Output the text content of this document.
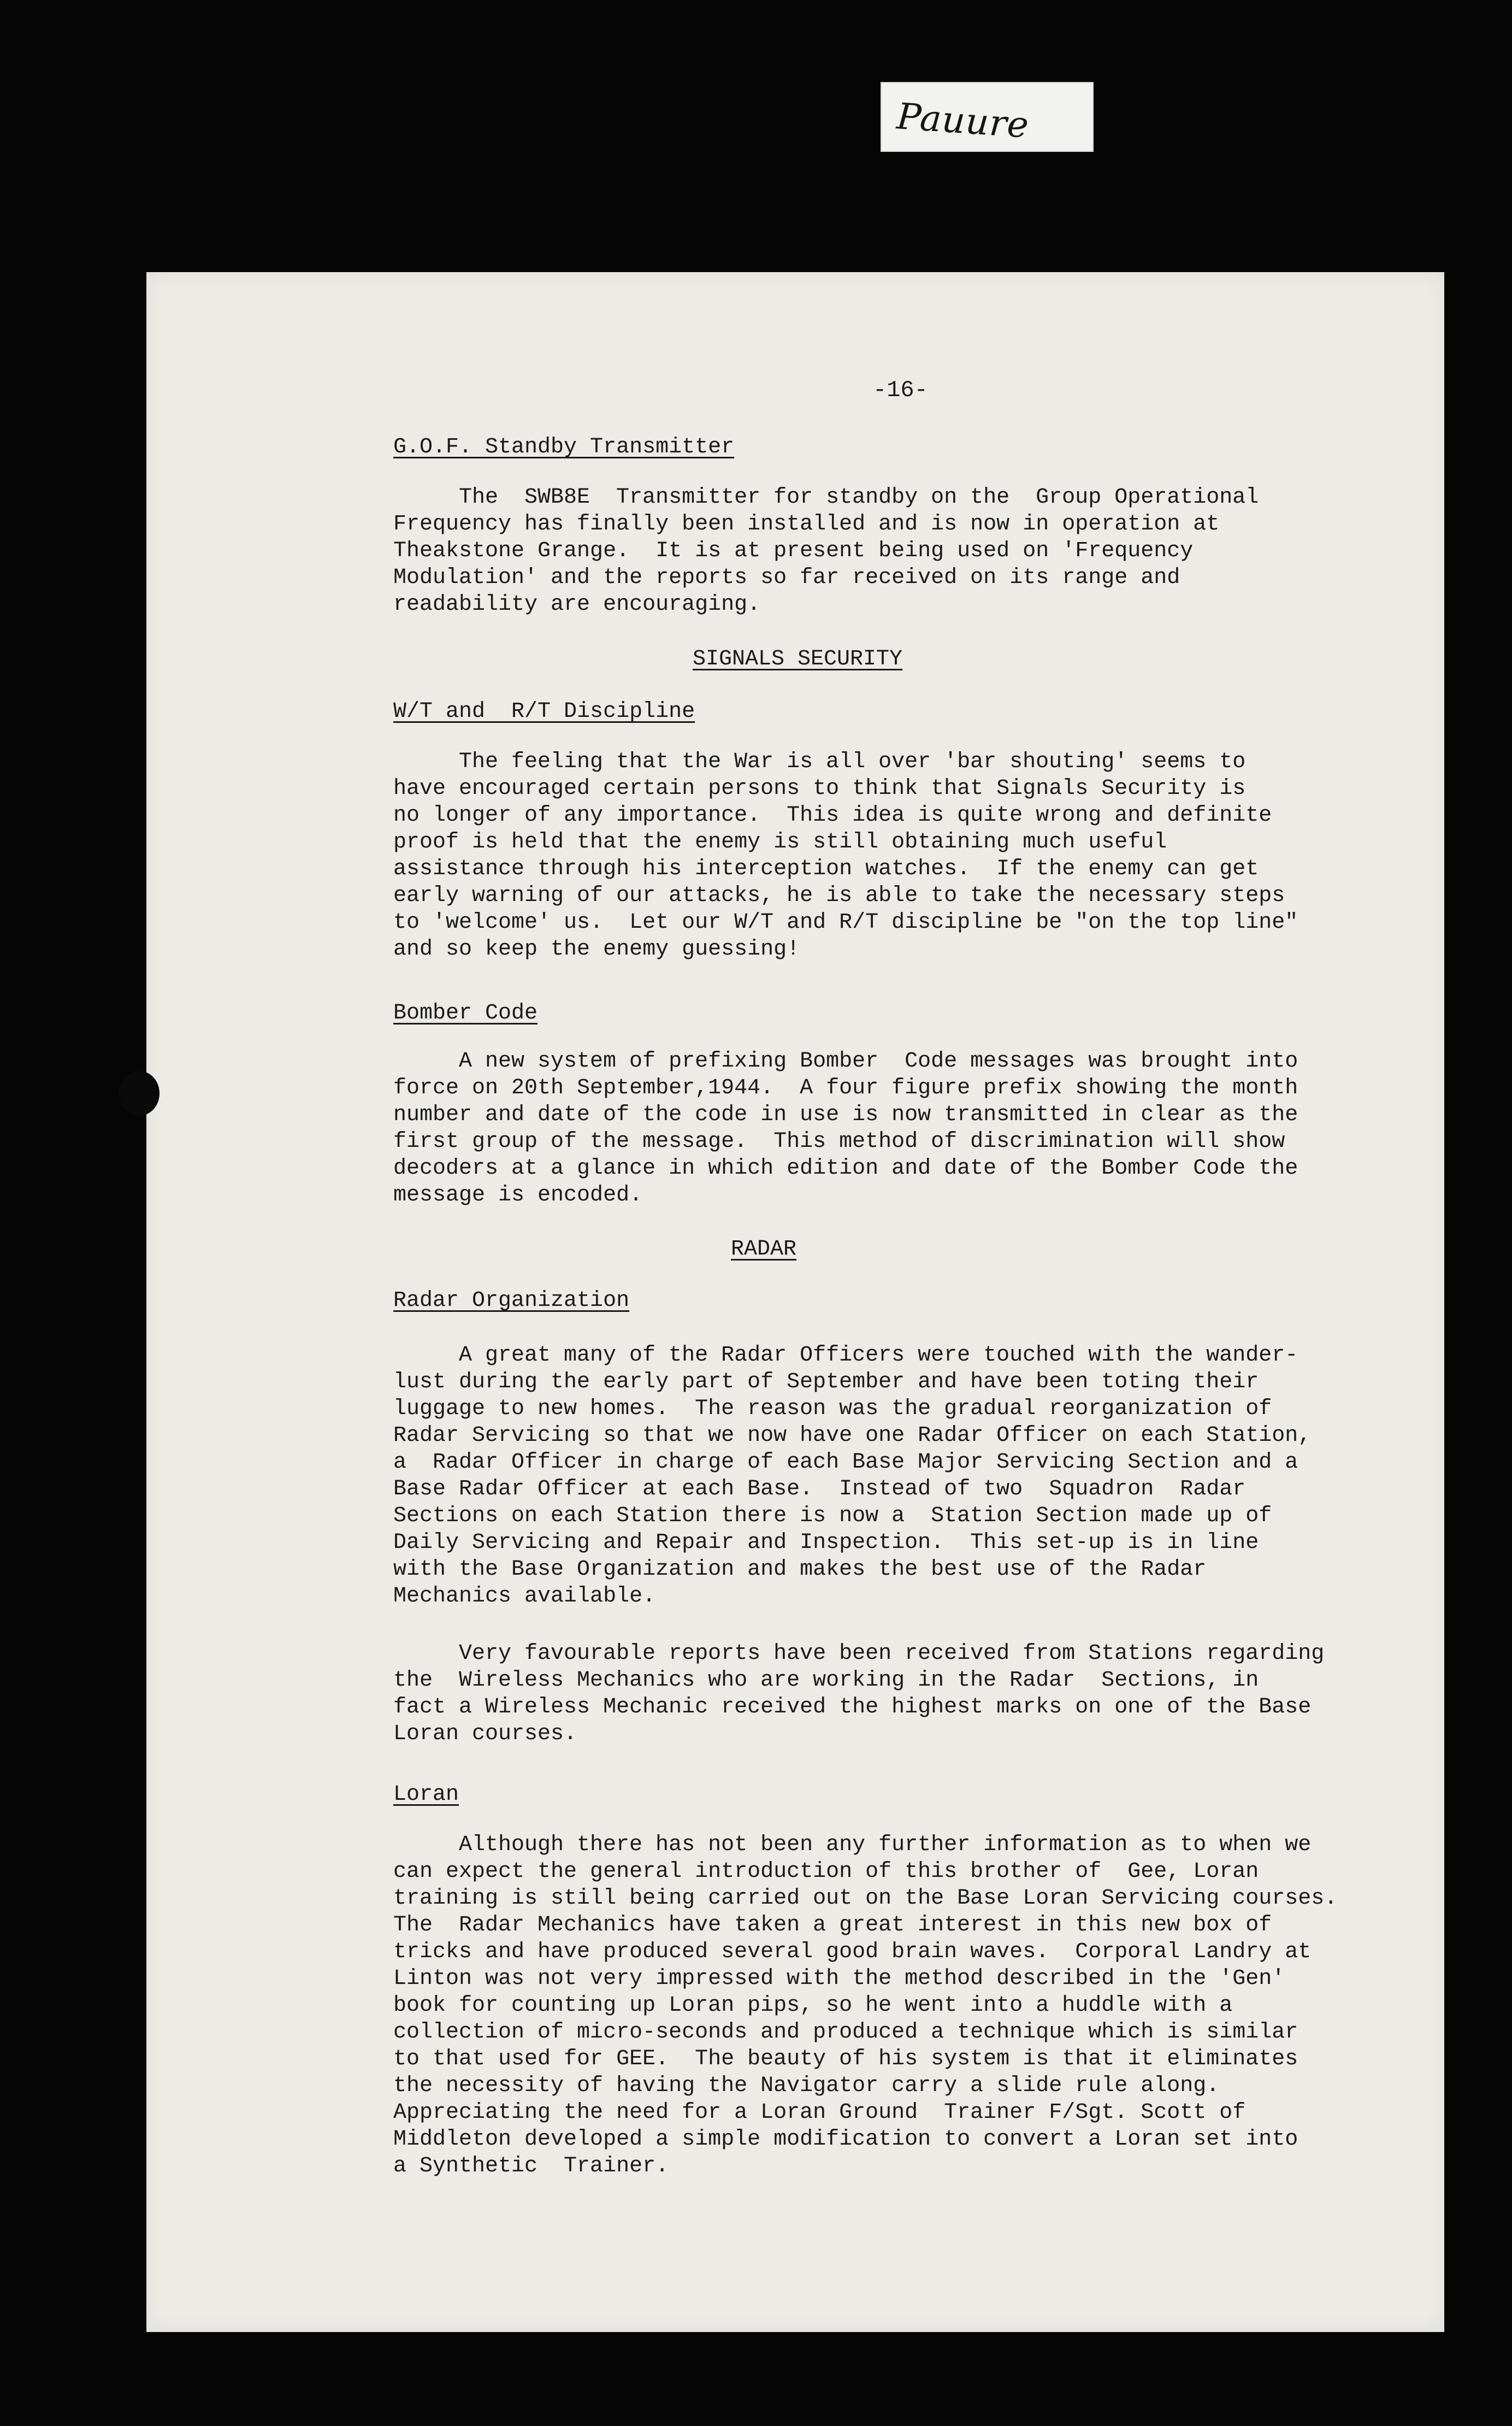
Pauure
-16-
G.O.F. Standby Transmitter
The  SWB8E  Transmitter for standby on the  Group Operational
Frequency has finally been installed and is now in operation at
Theakstone Grange.  It is at present being used on 'Frequency
Modulation' and the reports so far received on its range and
readability are encouraging.
SIGNALS SECURITY
W/T and  R/T Discipline
The feeling that the War is all over 'bar shouting' seems to
have encouraged certain persons to think that Signals Security is
no longer of any importance.  This idea is quite wrong and definite
proof is held that the enemy is still obtaining much useful
assistance through his interception watches.  If the enemy can get
early warning of our attacks, he is able to take the necessary steps
to 'welcome' us.  Let our W/T and R/T discipline be "on the top line"
and so keep the enemy guessing!
Bomber Code
A new system of prefixing Bomber  Code messages was brought into
force on 20th September,1944.  A four figure prefix showing the month
number and date of the code in use is now transmitted in clear as the
first group of the message.  This method of discrimination will show
decoders at a glance in which edition and date of the Bomber Code the
message is encoded.
RADAR
Radar Organization
A great many of the Radar Officers were touched with the wander-
lust during the early part of September and have been toting their
luggage to new homes.  The reason was the gradual reorganization of
Radar Servicing so that we now have one Radar Officer on each Station,
a  Radar Officer in charge of each Base Major Servicing Section and a
Base Radar Officer at each Base.  Instead of two  Squadron  Radar
Sections on each Station there is now a  Station Section made up of
Daily Servicing and Repair and Inspection.  This set-up is in line
with the Base Organization and makes the best use of the Radar
Mechanics available.
Very favourable reports have been received from Stations regarding
the  Wireless Mechanics who are working in the Radar  Sections, in
fact a Wireless Mechanic received the highest marks on one of the Base
Loran courses.
Loran
Although there has not been any further information as to when we
can expect the general introduction of this brother of  Gee, Loran
training is still being carried out on the Base Loran Servicing courses.
The  Radar Mechanics have taken a great interest in this new box of
tricks and have produced several good brain waves.  Corporal Landry at
Linton was not very impressed with the method described in the 'Gen'
book for counting up Loran pips, so he went into a huddle with a
collection of micro-seconds and produced a technique which is similar
to that used for GEE.  The beauty of his system is that it eliminates
the necessity of having the Navigator carry a slide rule along.
Appreciating the need for a Loran Ground  Trainer F/Sgt. Scott of
Middleton developed a simple modification to convert a Loran set into
a Synthetic  Trainer.
